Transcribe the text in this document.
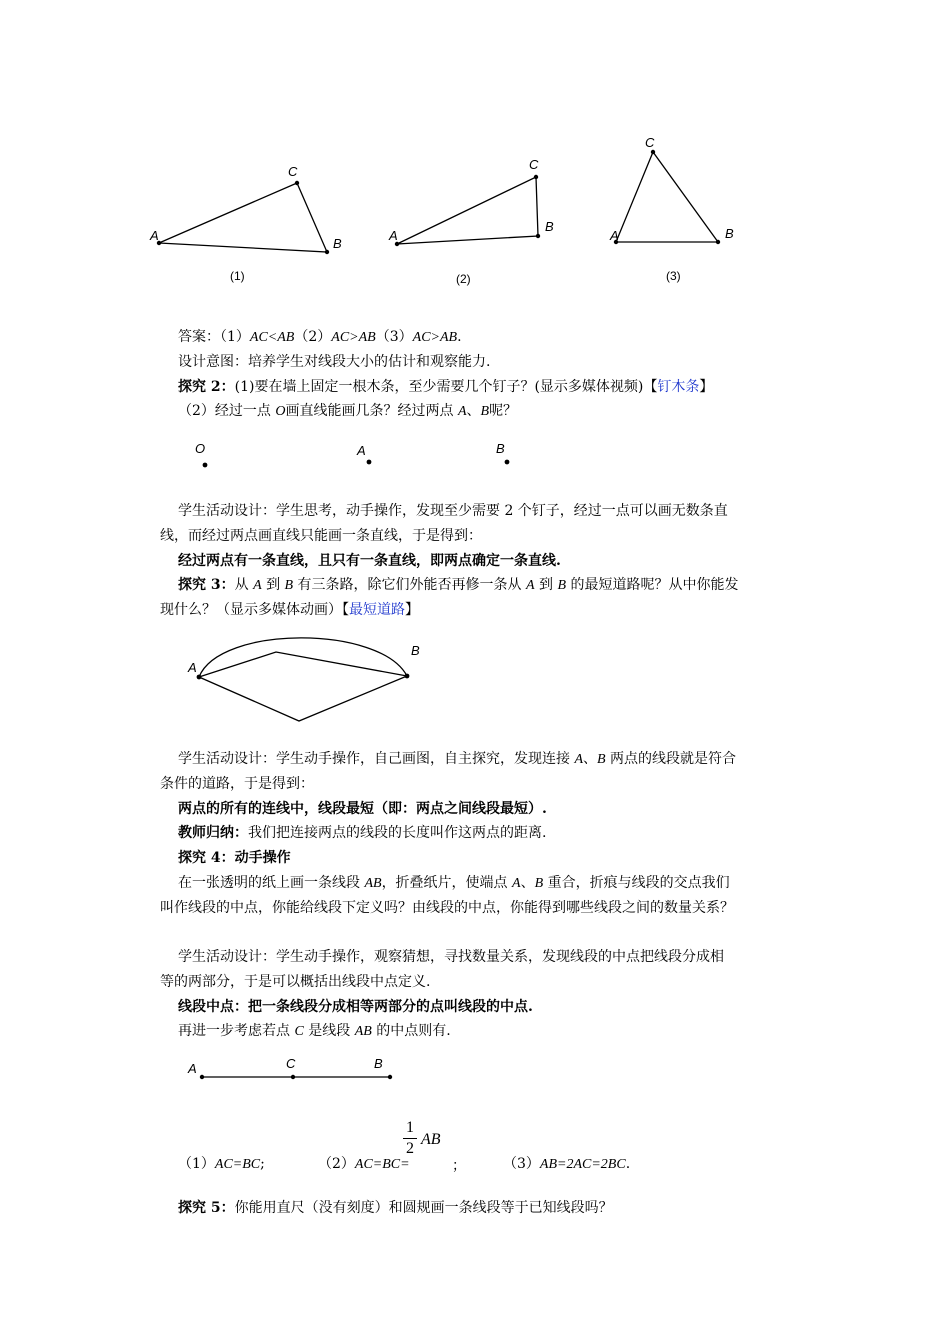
A
C
B
(1)
A
C
B
(2)
A
C
B
(3)
答案：（1）AC<AB（2）AC>AB（3）AC>AB.
设计意图：培养学生对线段大小的估计和观察能力.
探究 2：(1)要在墙上固定一根木条，至少需要几个钉子？(显示多媒体视频)【钉木条】
（2）经过一点 O画直线能画几条？经过两点 A、B呢？
O	A	B
学生活动设计：学生思考，动手操作，发现至少需要 2 个钉子，经过一点可以画无数条直
线，而经过两点画直线只能画一条直线，于是得到：
经过两点有一条直线，且只有一条直线，即两点确定一条直线.
探究 3：从 A 到 B 有三条路，除它们外能否再修一条从 A 到 B 的最短道路呢？从中你能发
现什么？（显示多媒体动画）【最短道路】
A
B
学生活动设计：学生动手操作，自己画图，自主探究，发现连接 A、B 两点的线段就是符合
条件的道路，于是得到：
两点的所有的连线中，线段最短（即：两点之间线段最短）.
教师归纳：我们把连接两点的线段的长度叫作这两点的距离.
探究 4：动手操作
在一张透明的纸上画一条线段 AB，折叠纸片，使端点 A、B 重合，折痕与线段的交点我们
叫作线段的中点，你能给线段下定义吗？由线段的中点，你能得到哪些线段之间的数量关系？
学生活动设计：学生动手操作，观察猜想，寻找数量关系，发现线段的中点把线段分成相
等的两部分，于是可以概括出线段中点定义.
线段中点：把一条线段分成相等两部分的点叫线段的中点.
再进一步考虑若点 C 是线段 AB 的中点则有.
A	C	B
（1）AC=BC;	（2）AC=BC=
1
2
AB
；	（3）AB=2AC=2BC.
探究 5：你能用直尺（没有刻度）和圆规画一条线段等于已知线段吗？
